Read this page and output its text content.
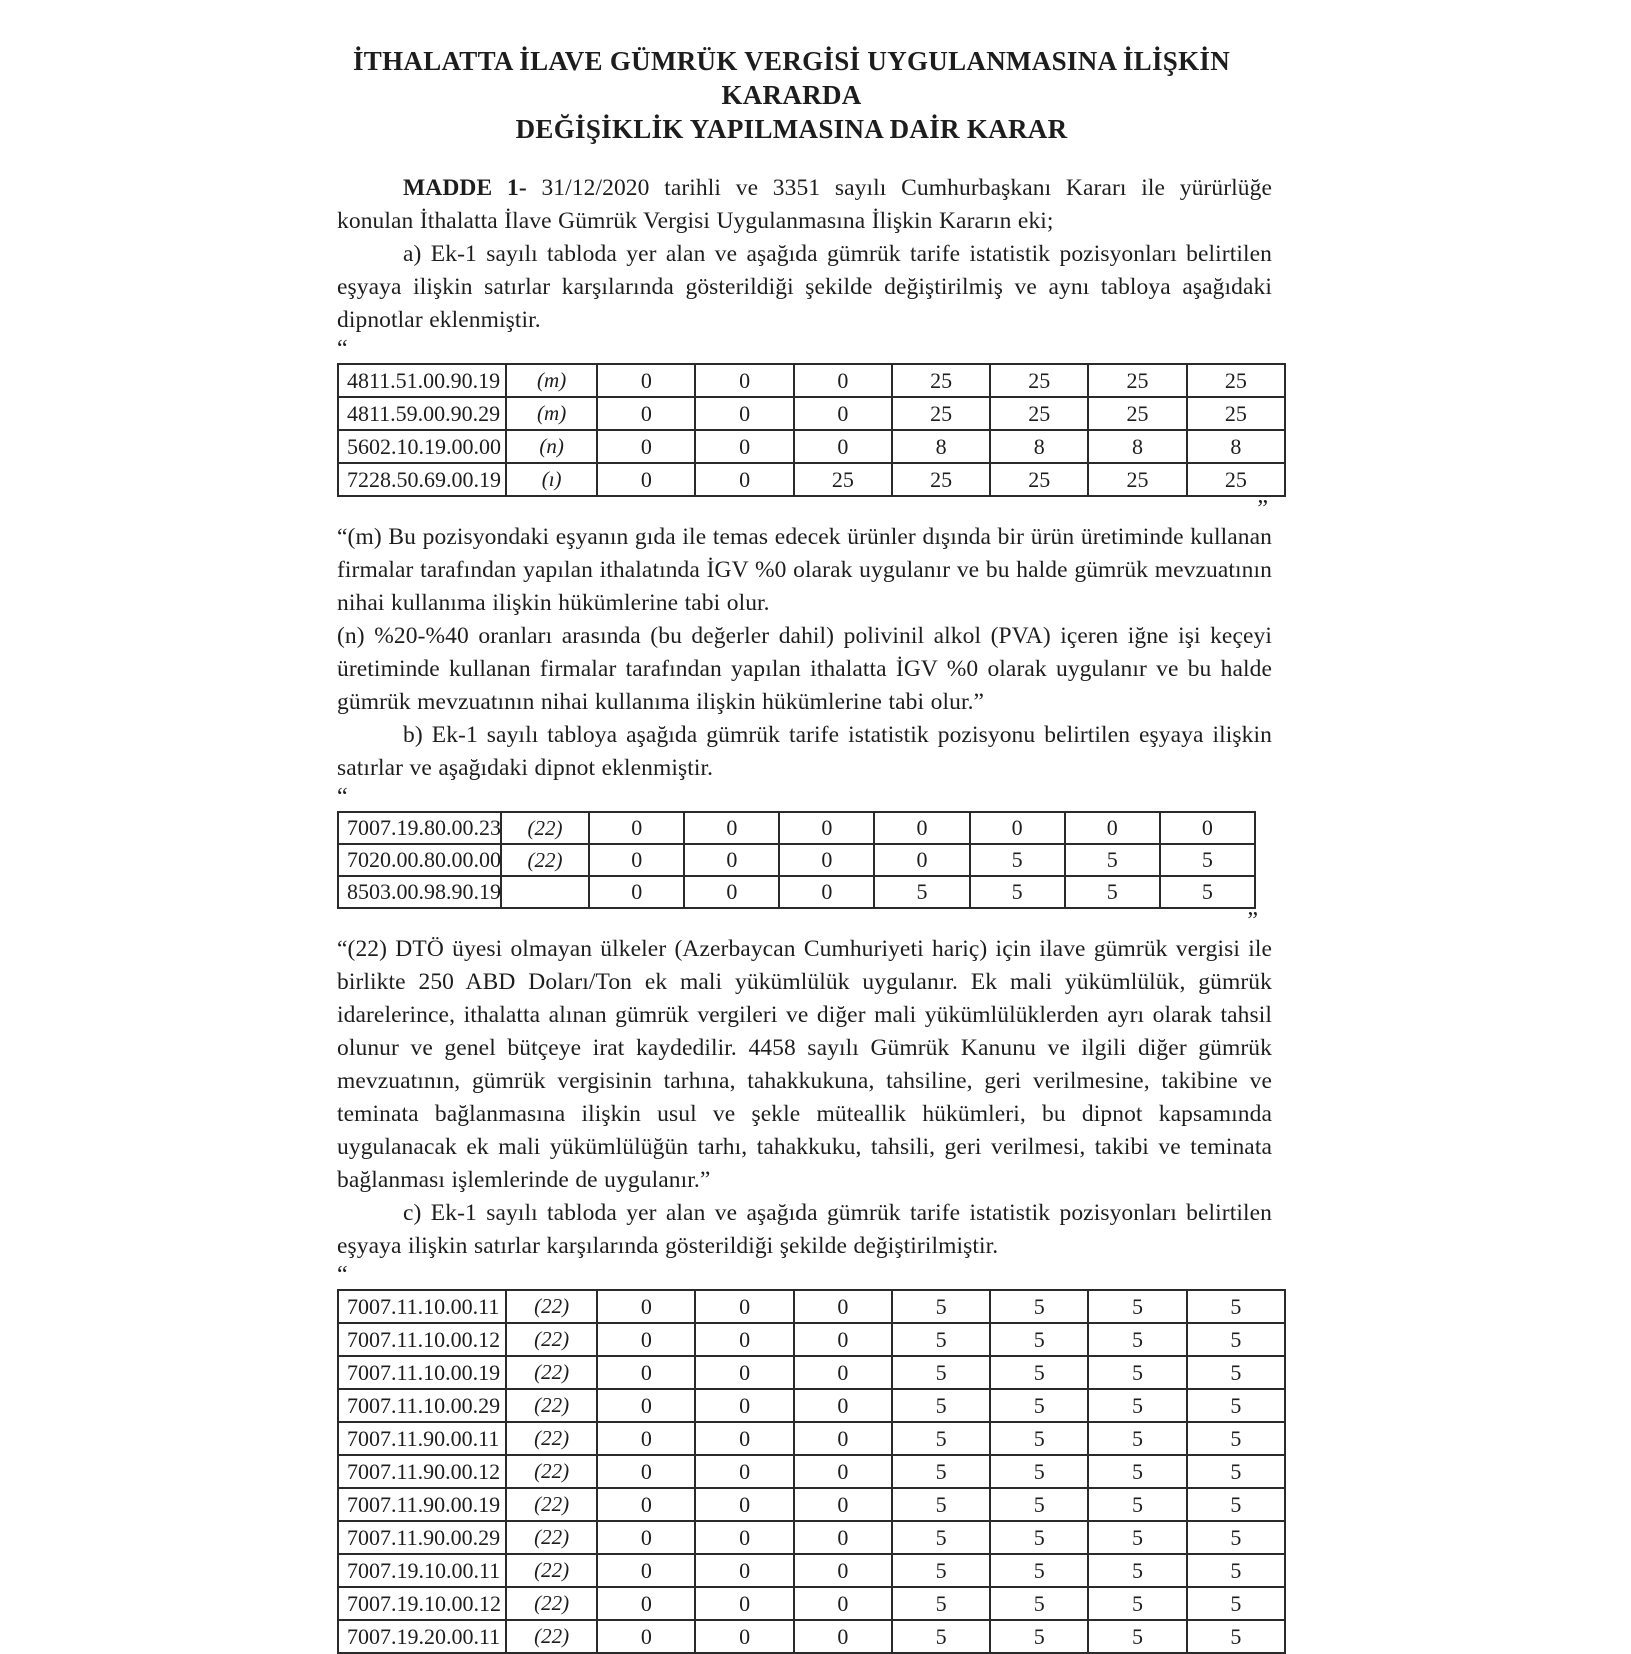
İTHALATTA İLAVE GÜMRÜK VERGİSİ UYGULANMASINA İLİŞKİN KARARDA
DEĞİŞİKLİK YAPILMASINA DAİR KARAR

MADDE 1- 31/12/2020 tarihli ve 3351 sayılı Cumhurbaşkanı Kararı ile yürürlüğe konulan İthalatta İlave Gümrük Vergisi Uygulanmasına İlişkin Kararın eki;

a) Ek-1 sayılı tabloda yer alan ve aşağıda gümrük tarife istatistik pozisyonları belirtilen eşyaya ilişkin satırlar karşılarında gösterildiği şekilde değiştirilmiş ve aynı tabloya aşağıdaki dipnotlar eklenmiştir.

“
4811.51.00.90.19	(m)	0	0	0	25	25	25	25
4811.59.00.90.29	(m)	0	0	0	25	25	25	25
5602.10.19.00.00	(n)	0	0	0	8	8	8	8
7228.50.69.00.19	(ı)	0	0	25	25	25	25	25
”

“(m) Bu pozisyondaki eşyanın gıda ile temas edecek ürünler dışında bir ürün üretiminde kullanan firmalar tarafından yapılan ithalatında İGV %0 olarak uygulanır ve bu halde gümrük mevzuatının nihai kullanıma ilişkin hükümlerine tabi olur.

(n) %20-%40 oranları arasında (bu değerler dahil) polivinil alkol (PVA) içeren iğne işi keçeyi üretiminde kullanan firmalar tarafından yapılan ithalatta İGV %0 olarak uygulanır ve bu halde gümrük mevzuatının nihai kullanıma ilişkin hükümlerine tabi olur.”

b) Ek-1 sayılı tabloya aşağıda gümrük tarife istatistik pozisyonu belirtilen eşyaya ilişkin satırlar ve aşağıdaki dipnot eklenmiştir.

“
7007.19.80.00.23	(22)	0	0	0	0	0	0	0
7020.00.80.00.00	(22)	0	0	0	0	5	5	5
8503.00.98.90.19		0	0	0	5	5	5	5
”

“(22) DTÖ üyesi olmayan ülkeler (Azerbaycan Cumhuriyeti hariç) için ilave gümrük vergisi ile birlikte 250 ABD Doları/Ton ek mali yükümlülük uygulanır. Ek mali yükümlülük, gümrük idarelerince, ithalatta alınan gümrük vergileri ve diğer mali yükümlülüklerden ayrı olarak tahsil olunur ve genel bütçeye irat kaydedilir. 4458 sayılı Gümrük Kanunu ve ilgili diğer gümrük mevzuatının, gümrük vergisinin tarhına, tahakkukuna, tahsiline, geri verilmesine, takibine ve teminata bağlanmasına ilişkin usul ve şekle müteallik hükümleri, bu dipnot kapsamında uygulanacak ek mali yükümlülüğün tarhı, tahakkuku, tahsili, geri verilmesi, takibi ve teminata bağlanması işlemlerinde de uygulanır.”

c) Ek-1 sayılı tabloda yer alan ve aşağıda gümrük tarife istatistik pozisyonları belirtilen eşyaya ilişkin satırlar karşılarında gösterildiği şekilde değiştirilmiştir.

“
7007.11.10.00.11	(22)	0	0	0	5	5	5	5
7007.11.10.00.12	(22)	0	0	0	5	5	5	5
7007.11.10.00.19	(22)	0	0	0	5	5	5	5
7007.11.10.00.29	(22)	0	0	0	5	5	5	5
7007.11.90.00.11	(22)	0	0	0	5	5	5	5
7007.11.90.00.12	(22)	0	0	0	5	5	5	5
7007.11.90.00.19	(22)	0	0	0	5	5	5	5
7007.11.90.00.29	(22)	0	0	0	5	5	5	5
7007.19.10.00.11	(22)	0	0	0	5	5	5	5
7007.19.10.00.12	(22)	0	0	0	5	5	5	5
7007.19.20.00.11	(22)	0	0	0	5	5	5	5
